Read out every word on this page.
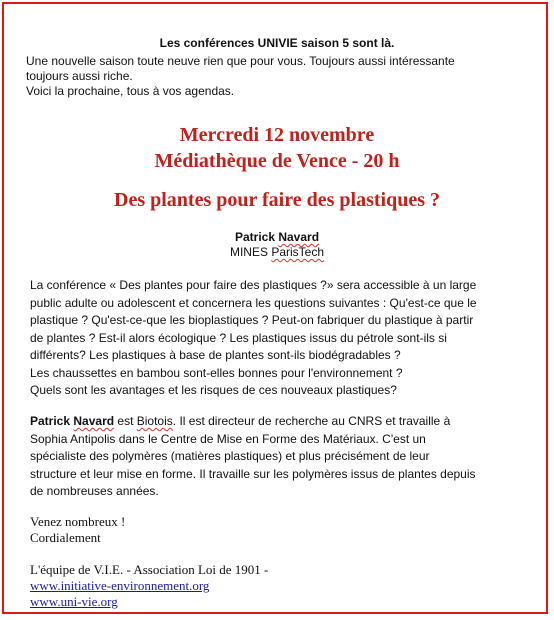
Les conférences UNIVIE saison 5 sont là.
Une nouvelle saison toute neuve rien que pour vous. Toujours aussi intéressante
toujours aussi riche.
Voici la prochaine, tous à vos agendas.
Mercredi 12 novembre
Médiathèque de Vence - 20 h
Des plantes pour faire des plastiques ?
Patrick Navard
MINES ParisTech
La conférence « Des plantes pour faire des plastiques ?» sera accessible à un large
public adulte ou adolescent et concernera les questions suivantes : Qu'est-ce que le
plastique ? Qu'est-ce-que les bioplastiques ? Peut-on fabriquer du plastique à partir
de plantes ? Est-il alors écologique ? Les plastiques issus du pétrole sont-ils si
différents? Les plastiques à base de plantes sont-ils biodégradables ?
Les chaussettes en bambou sont-elles bonnes pour l'environnement ?
Quels sont les avantages et les risques de ces nouveaux plastiques?
Patrick Navard est Biotois. Il est directeur de recherche au CNRS et travaille à
Sophia Antipolis dans le Centre de Mise en Forme des Matériaux. C'est un
spécialiste des polymères (matières plastiques) et plus précisément de leur
structure et leur mise en forme. Il travaille sur les polymères issus de plantes depuis
de nombreuses années.
Venez nombreux !
Cordialement
L'équipe de V.I.E. - Association Loi de 1901 -
www.initiative-environnement.org
www.uni-vie.org
